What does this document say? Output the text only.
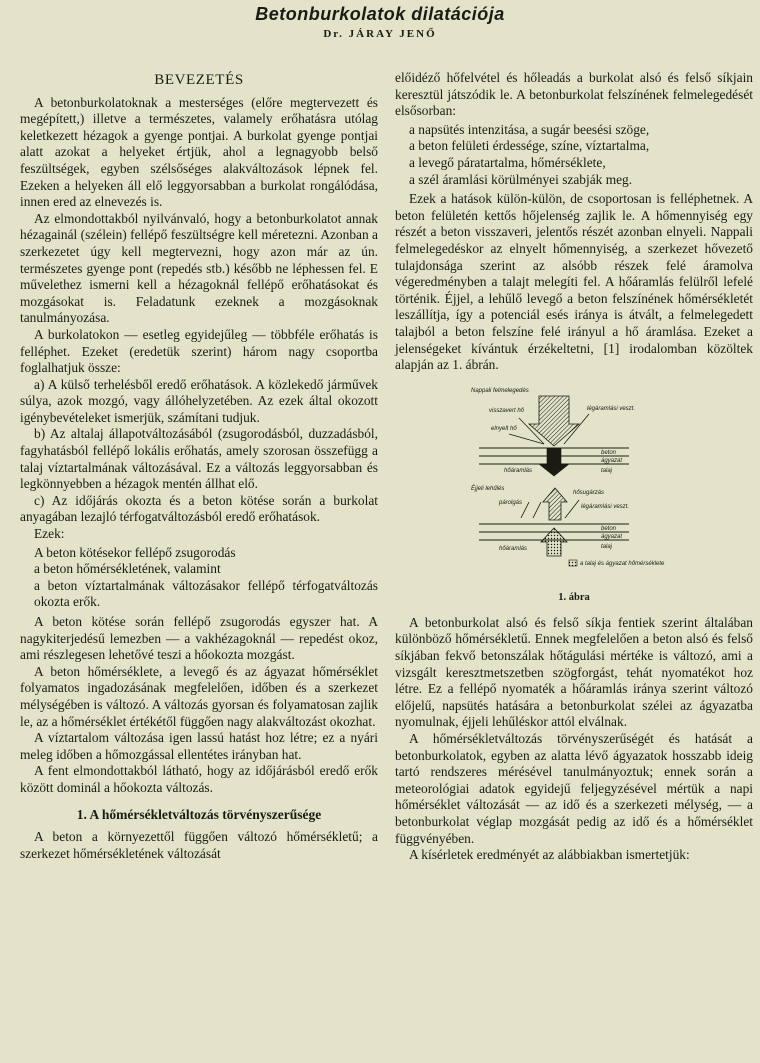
Betonburkolatok dilatációja
Dr. JÁRAY JENŐ
BEVEZETÉS

A betonburkolatoknak a mesterséges (előre megtervezett és megépített,) illetve a természetes, valamely erőhatásra utólag keletkezett hézagok a gyenge pontjai. A burkolat gyenge pontjai alatt azokat a helyeket értjük, ahol a legnagyobb belső feszültségek, egyben szélsőséges alakváltozások lépnek fel. Ezeken a helyeken áll elő leggyorsabban a burkolat rongálódása, innen ered az elnevezés is.

Az elmondottakból nyilvánvaló, hogy a betonburkolatot annak hézagainál (szélein) fellépő feszültségre kell méretezni. Azonban a szerkezetet úgy kell megtervezni, hogy azon már az ún. természetes gyenge pont (repedés stb.) később ne léphessen fel. E művelethez ismerni kell a hézagoknál fellépő erőhatásokat és mozgásokat is. Feladatunk ezeknek a mozgásoknak tanulmányozása.

A burkolatokon — esetleg egyidejűleg — többféle erőhatás is felléphet. Ezeket (eredetük szerint) három nagy csoportba foglalhatjuk össze:

a) A külső terhelésből eredő erőhatások. A közlekedő járművek súlya, azok mozgó, vagy állóhelyzetében. Az ezek által okozott igénybevételeket ismerjük, számítani tudjuk.

b) Az altalaj állapotváltozásából (zsugorodásból, duzzadásból, fagyhatásból fellépő lokális erőhatás, amely szorosan összefügg a talaj víztartalmának változásával. Ez a változás leggyorsabban és legkönnyebben a hézagok mentén állhat elő.

c) Az időjárás okozta és a beton kötése során a burkolat anyagában lezajló térfogatváltozásból eredő erőhatások.

Ezek:

A beton kötésekor fellépő zsugorodás
a beton hőmérsékletének, valamint
a beton víztartalmának változásakor fellépő térfogatváltozás okozta erők.

A beton kötése során fellépő zsugorodás egyszer hat. A nagykiterjedésű lemezben — a vakhézagoknál — repedést okoz, ami részlegesen lehetővé teszi a hőokozta mozgást.

A beton hőmérséklete, a levegő és az ágyazat hőmérséklet folyamatos ingadozásának megfelelően, időben és a szerkezet mélységében is változó. A változás gyorsan és folyamatosan zajlik le, az a hőmérséklet értékétől függően nagy alakváltozást okozhat.

A víztartalom változása igen lassú hatást hoz létre; ez a nyári meleg időben a hőmozgással ellentétes irányban hat.

A fent elmondottakból látható, hogy az időjárásból eredő erők között dominál a hőokozta változás.

1. A hőmérsékletváltozás törvényszerűsége

A beton a környezettől függően változó hőmérsékletű; a szerkezet hőmérsékletének változását

előidéző hőfelvétel és hőleadás a burkolat alsó és felső síkjain keresztül játszódik le. A betonburkolat felszínének felmelegedését elsősorban:

a napsütés intenzitása, a sugár beesési szöge,
a beton felületi érdessége, színe, víztartalma,
a levegő páratartalma, hőmérséklete,
a szél áramlási körülményei szabják meg.

Ezek a hatások külön-külön, de csoportosan is felléphetnek. A beton felületén kettős hőjelenség zajlik le. A hőmennyiség egy részét a beton visszaveri, jelentős részét azonban elnyeli. Nappali felmelegedéskor az elnyelt hőmennyiség, a szerkezet hővezető tulajdonsága szerint az alsóbb részek felé áramolva végeredményben a talajt melegíti fel. A hőáramlás felülről lefelé történik. Éjjel, a lehűlő levegő a beton felszínének hőmérsékletét leszállítja, így a potenciál esés iránya is átvált, a felmelegedett talajból a beton felszíne felé irányul a hő áramlása. Ezeket a jelenségeket kívántuk érzékeltetni, [1] irodalomban közöltek alapján az 1. ábrán.

Nappali felmelegedés
visszavert hő
elnyelt hő
légáramlási veszt.
beton
ágyazat
talaj
hőáramlás
Éjjeli lehűlés
párolgás
hősugárzás
légáramlási veszt.
beton
ágyazat
talaj
hőáramlás
a talaj és ágyazat hőmérséklete
1. ábra

A betonburkolat alsó és felső síkja fentiek szerint általában különböző hőmérsékletű. Ennek megfelelően a beton alsó és felső síkjában fekvő betonszálak hőtágulási mértéke is változó, ami a vizsgált keresztmetszetben szögforgást, tehát nyomatékot hoz létre. Ez a fellépő nyomaték a hőáramlás iránya szerint változó előjelű, napsütés hatására a betonburkolat szélei az ágyazatba nyomulnak, éjjeli lehűléskor attól elválnak.

A hőmérsékletváltozás törvényszerűségét és hatását a betonburkolatok, egyben az alatta lévő ágyazatok hosszabb ideig tartó rendszeres mérésével tanulmányoztuk; ennek során a meteorológiai adatok egyidejű feljegyzésével mértük a napi hőmérséklet változását — az idő és a szerkezeti mélység, — a betonburkolat véglap mozgását pedig az idő és a hőmérséklet függvényében.

A kísérletek eredményét az alábbiakban ismertetjük:
